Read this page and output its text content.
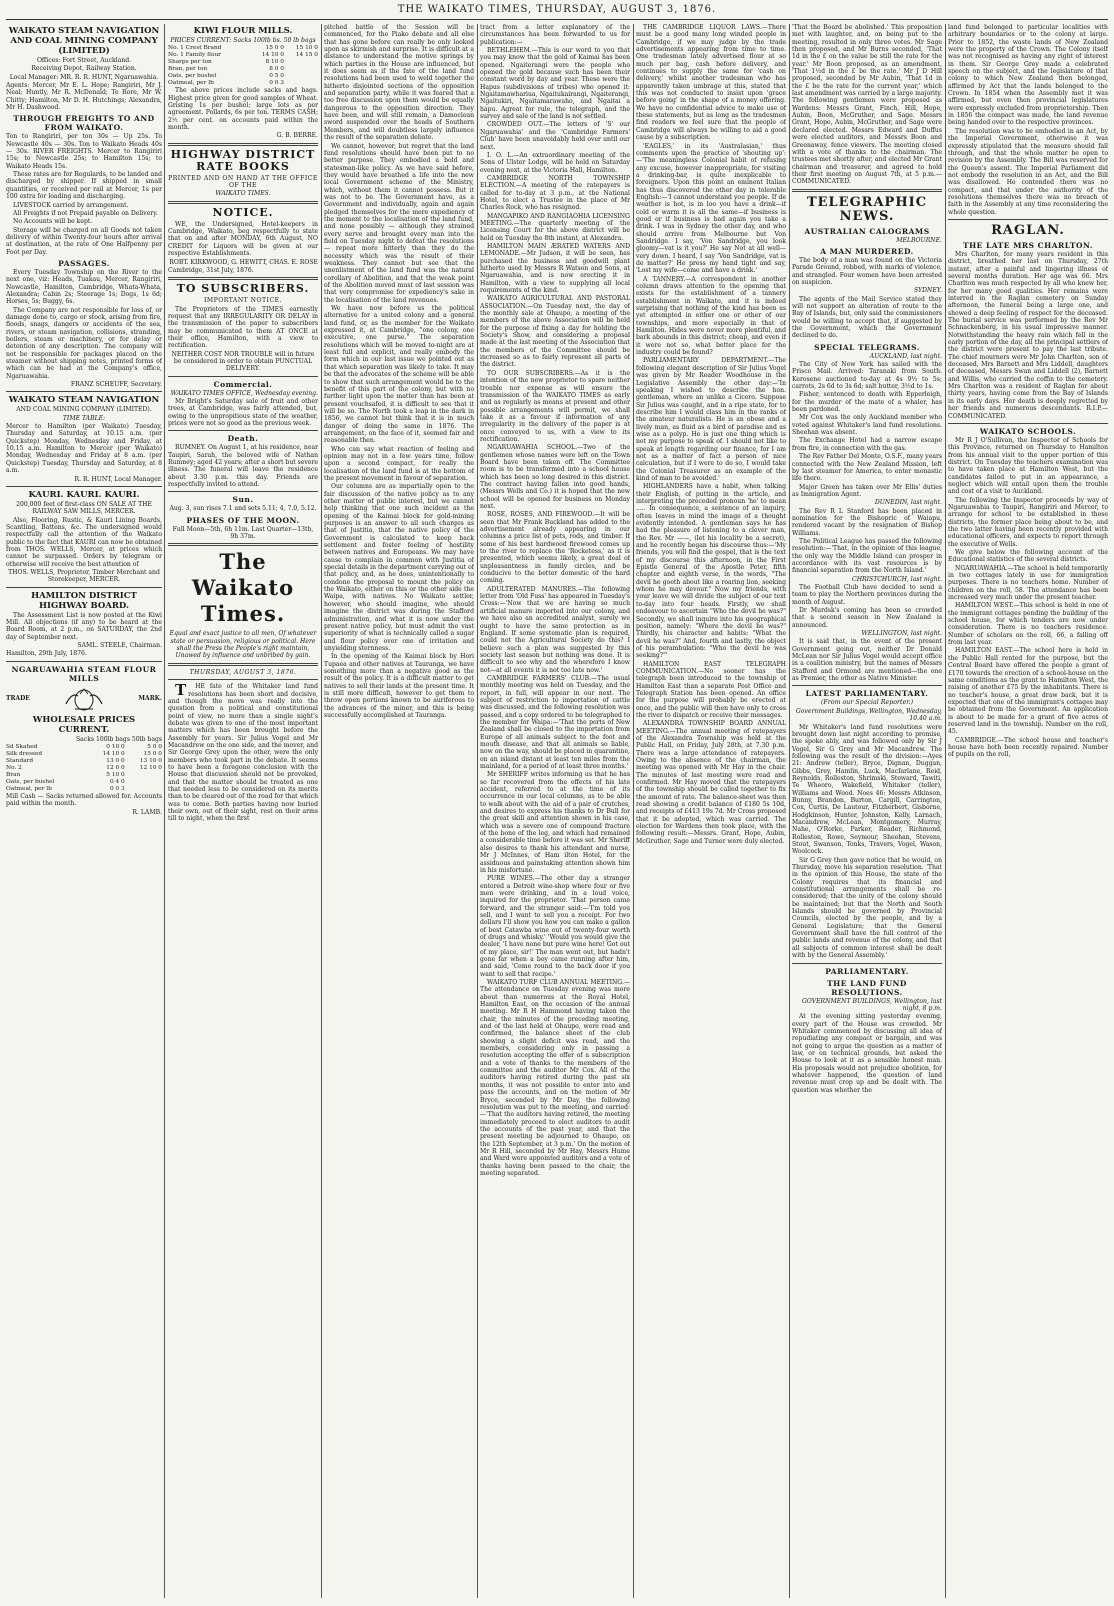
THE WAIKATO TIMES, THURSDAY, AUGUST 3, 1876.

WAIKATO STEAM NAVIGATION AND COAL MINING COMPANY (LIMITED)

Offices: Fort Street, Auckland.

Receiving Depot, Railway Station.

Local Manager: MR. R. R. HUNT, Ngaruawahia.

Agents: Mercer, Mr E. L. Hope; Rangiriri, Mr J. Neal; Huntly, Mr R. McDonald; Te Rore, Mr W. Chitty; Hamilton, Mr D. H. Hutchings; Alexandra, Mr H. Dashwood.

THROUGH FREIGHTS TO AND FROM WAIKATO.

Ton to Rangiriri, per ton 30s — Up 25s. To Newcastle 40s — 30s. Ton to Waikato Heads 40s — 30s. RIVER FREIGHTS. Mercer to Rangiriri 15s; to Newcastle 25s; to Hamilton 15s; to Waikato Heads 15s.

These rates are for Regulards, to be landed and discharged by shipper. If shipped in small quantities, or received per rail at Mercer, 1s per 100 extra for loading and discharging.

LIVESTOCK carried by arrangement.

All Freights if not Prepaid payable on Delivery.

No Accounts will be kept.

Storage will be charged on all Goods not taken delivery of within Twenty-four hours after arrival at destination, at the rate of One Halfpenny per Foot per Day.

PASSAGES.

Every Tuesday Township on the River to the next one, viz: Heads, Tuakau, Mercer, Rangiriri, Newcastle, Hamilton, Cambridge, Whata-Whata, Alexandra; Cabin 2s; Steerage 1s; Dogs, 1s 6d; Horses, 5s; Buggy, 6s.

The Company are not responsible for loss of, or damage done to, cargo or stock, arising from fire, floods, snags, dangers or accidents of the sea, rivers, or steam navigation, collisions, stranding, boilers, steam or machinery, or for delay or detention of any description. The company will not be responsible for packages placed on the steamer without shipping notes, printed forms of which can be had at the Company's office, Ngaruawahia.

FRANZ SCHEUFF, Secretary.

WAIKATO STEAM NAVIGATION

AND COAL MINING COMPANY (LIMITED).

TIME TABLE:

Mercer to Hamilton (per Waikato) Tuesday, Thursday and Saturday, at 10.15 a.m. (per Quickstep) Monday, Wednesday and Friday, at 10.15 a.m. Hamilton to Mercer (per Waikato) Monday, Wednesday and Friday at 8 a.m. (per Quickstep) Tuesday, Thursday and Saturday, at 8 a.m.

R. R. HUNT, Local Manager.

KAURI. KAURI. KAURI.

200,000 feet of first-class ON SALE AT THE RAILWAY SAW MILLS, MERCER.

Also, Flooring, Rustic, & Kauri Lining Boards, Scantling, Battens, &c. The undersigned would respectfully call the attention of the Waikato public to the fact that KAURI can now be obtained from THOS. WELLS, Mercer, at prices which cannot be surpassed. Orders by telegram or otherwise will receive the best attention of

THOS. WELLS, Proprietor, Timber Merchant and Storekeeper, MERCER.

HAMILTON DISTRICT HIGHWAY BOARD.

The Assessment List is now posted at the Kiwi Mill. All objections (if any) to be heard at the Board Room, at 2 p.m., on SATURDAY, the 2nd day of September next.

SAML. STEELE, Chairman.

Hamilton, 29th July, 1876.

NGARUAWAHIA STEAM FLOUR MILLS

TRADE	MARK.

WHOLESALE PRICES CURRENT.

Sacks 100lb bags 50lb bags

Sd Skahed	0 10 0	5 0 0
Silk dressed	14 10 0	15 0 0
Standard	13 0 0	13 10 0
No. 2	12 0 0	12 10 0
Bran	5 10 0	
Oats, per bushel	0 4 0	
Oatmeal, per lb	0 0 3	

Mill Cash — Sacks returned allowed for. Accounts paid within the month.

R. LAMB.

KIWI FLOUR MILLS.

PRICES CURRENT: Sacks 100lb bs. 50 lb bags

No. 1 Crest Brand	15 0 0	15 10 0
No. 1 Family flour	14 10 0	14 15 0
Sharps per ton	8 10 0	
Bran, per ton	8 0 0	
Oats, per bushel	0 5 0	
Oatmeal, per lb	0 0 3	

The above prices include sacks and bags. Highest price given for good samples of Wheat. Gristing 1s per bushel; large lots as per agreement. Pollards, 6s per ton. TERMS CASH; 2½ per cent. on accounts paid within the month.

G. B. BERRE.

HIGHWAY DISTRICT RATE BOOKS

PRINTED AND ON HAND AT THE OFFICE OF THE

WAIKATO TIMES.

NOTICE.

WE, the Undersigned, Hotel-keepers in Cambridge, Waikato, beg respectfully to state that on and after MONDAY, 6th August, NO CREDIT for Liquors will be given at our respective Establishments.

ROBT. KIRKWOOD, G. HEWITT, CHAS. E. ROSE

Cambridge, 31st July, 1876.

TO SUBSCRIBERS.

IMPORTANT NOTICE.

The Proprietors of the TIMES earnestly request that any IRREGULARITY OR DELAY in the transmission of the paper to subscribers may be communicated to them AT ONCE at their office, Hamilton, with a view to rectification.

NEITHER COST NOR TROUBLE will in future be considered in order to obtain PUNCTUAL DELIVERY.

Commercial.

WAIKATO TIMES OFFICE, Wednesday evening.

Mr Bright's Saturday sale of fruit and other trees, at Cambridge, was fairly attended, but, owing to the unpropitious state of the weather, prices were not so good as the previous week.

Death.

RUMNEY. On August 1, at his residence, near Taupiri, Sarah, the beloved wife of Nathan Rumney; aged 42 years; after a short but severe illness. The funeral will leave the residence about 3.30 p.m. this day. Friends are respectfully invited to attend.

Sun.

Aug. 3, sun rises 7.1 and sets 5.11; 4, 7.0, 5.12.

PHASES OF THE MOON.

Full Moon—5th, 6h 11m. Last Quarter—13th, 9h 37m.

The Waikato Times.

Equal and exact justice to all men, Of whatever state or persuasion, religious or political. Here shall the Press the People's right maintain, Unawed by influence and unbribed by gain.

THURSDAY, AUGUST 3, 1876.

THE fate of the Whitaker land fund resolutions has been short and decisive, and though the move was really into the question from a political and constitutional point of view, no more than a single night's debate was given to one of the most important matters which has been brought before the Assembly for years. Sir Julius Vogel and Mr Macandrew on the one side, and the mover, and Sir George Grey upon the other, were the only members who took part in the debate. It seems to have been a foregone conclusion with the House that discussion should not be provoked, and that the matter should be treated as one that needed less to be considered on its merits than to be cleared out of the road for that which was to come. Both parties having now buried their own, out of their sight, rest on their arms till to night, when the first

pitched battle of the Session will be commenced, for the Piako debate and all else that has gone before can really be only looked upon as skirmish and surprise. It is difficult at a distance to understand the motive springs by which parties in the House are influenced, but it does seem as if the fate of the land fund resolutions had been used to weld together the hitherto disjointed sections of the opposition and separation party, while it was feared that a too free discussion upon them would be equally dangerous to the opposition direction. They have been, and will still remain, a Damoclean sword suspended over the heads of Southern Members, and will doubtless largely influence the result of the separation debate.

We cannot, however, but regret that the land fund resolutions should have been put to no better purpose. They embodied a bold and statesman-like policy. As we have said before, they would have breathed a life into the new local Government scheme of the Ministry, which, without them it cannot possess. But it was not to be. The Government have, as a Government and individually, again and again pledged themselves for the mere expediency of the moment to the localisation of the land fund, and none possibly — although they strained every nerve and brought every man into the field on Tuesday night to defeat the resolutions — repeat more bitterly than they do the necessity which was the result of their weakness. They cannot but see that the unenlistment of the land fund was the natural corollary of Abolition, and that the weak point of the Abolition moved must of last session was that very compromise for expediency's sake in the localisation of the land revenues.

We have now before us the political alternative for a united colony and a general land fund, or, as the member for the Waikato expressed it, at Cambridge, "one colony, one executive, one purse." The separation resolutions which will be moved to-night are at least full and explicit, and really embody the form which in our last issue we pointed out as that which separation was likely to take. It may be that the advocates of the scheme will be able to show that such arrangement would be to the benefit of this part of the colony, but with no further light upon the matter than has been at present vouchsafed, it is difficult to see that it will be so. The North took a leap in the dark in 1856, we cannot but think that it is in much danger of doing the same in 1876. The arrangement, on the face of it, seemed fair and reasonable then.

Who can say what reaction of feeling and opinion may not in a few years time, follow upon a second compact, for really the localisation of the land fund is at the bottom of the present movement in favour of separation.

Our columns are as impartially open to the fair discussion of the native policy as to any other matter of public interest, but we cannot help thinking that one such incident as the opening of the Kaimai block for gold-mining purposes is an answer to all such charges as that of Justitia, that the native policy of the Government is calculated to keep back settlement and foster feeling of hostility between natives and Europeans. We may have cause to complain in common with Justitia of special details in the department carrying out of that policy, and, as he does, unintentionally to condone the proposal to mount the policy on the Waikato, either on this or the other side the Waipa, with natives. No Waikato settler, however, who should imagine, who should imagine the district was during the Stafford administration, and what it is now under the present native policy, but must admit the vast superiority of what is technically called a sugar and flour policy over one of irritation and unyielding sternness.

In the opening of the Kaimai block by Hori Tupaea and other natives at Tauranga, we have something more than a negative good as the result of the policy. It is a difficult matter to get natives to sell their lands at the present time. It is still more difficult, however to get them to throw open portions known to be auriferous to the advances of the miner, and this is being successfully accomplished at Tauranga.

tract from a letter explanatory of the circumstances has been forwarded to us for publication:—

BETHLEHEM.—This is our word to you that you may know that the gold of Kaimai has been opened. Ngaiterangi were the people who opened the gold because such has been their constant word by day and year. These were the Hapus (subdivisions of tribes) who opened it: Ngaitamawhariua, Ngaitukairangi, Ngaiterangi, Ngaitukiri, Ngaitamarawaho, and Ngaitai a hapu. Agreat for rule, the telegraph, and the survey and sale of the land is not settled.

CROWDED OUT.—The letters of 'S' our Ngaruawahia' and the 'Cambridge Farmers' Club' have been unavoidably held over until our next.

I. O. L.—An extraordinary meeting of the Sons of Ulster Lodge, will be held on Saturday evening next, at the Victoria Hall, Hamilton.

CAMBRIDGE NORTH TOWNSHIP ELECTION.—A meeting of the ratepayers is called for to-day at 3 p.m., at the National Hotel, to elect a Trustee in the place of Mr Charles Rock, who has resigned.

MANGAPIKO AND RANGIAOHIA LICENSING MEETING.—The quarterly meeting of the Licensing Court for the above district will be held on Tuesday the 8th instant, at Alexandra.

HAMILTON MAIN ÆRATED WATERS AND LEMONADE.—Mr Judson, it will be seen, has purchased the business and goodwill plant hitherto used by Messrs R Watson and Sons, at Ngaruawahia, and is now erecting it in Hamilton, with a view to supplying all local requirements of the kind.

WAIKATO AGRICULTURAL AND PASTORAL ASSOCIATION.—On Tuesday next, the day of the monthly sale at Ohaupo, a meeting of the members of the above Association will be held for the purpose of fixing a day for holding the Society's Show, and considering a proposal made at the last meeting of the Association that the members of the Committee should be increased so as to fairly represent all parts of the district.

TO OUR SUBSCRIBERS.—As it is the intention of the new proprietor to spare neither trouble nor expense as will ensure the transmission of the WAIKATO TIMES as early and as regularly as means at present and other possible arrangements will permit, we shall take it as a favour if information of any irregularity in the delivery of the paper is at once conveyed to us, with a view to its rectification.

NGARUAWAHIA SCHOOL.—Two of the gentlemen whose names were left on the Town Board have been taken off. The Committee room is to be transformed into a school house which has been so long desired in this district. The contract having fallen into good hands, (Messrs Wells and Co.) it is hoped that the new school will be opened for business on Monday next.

ROSE, ROSES, AND FIREWOOD.—It will be seen that Mr Frank Buckland has added to the advertisement already appearing in our columns a price list of pets, rods, and timber. If some of his best hardwood firewood comes up to the river to replace the 'Rocketess,' as it is presented, which seems likely, a great deal of unpleasantness in family circles, and be conducive to the better domestic of the hard coming.

ADULTERATED MANURES.—The following letter from 'Old Fuss' has appeared in Tuesday's Cross:—'Now that we are having so much artificial manure imported into our colony, and we have also an accredited analyst, surely we ought to have the same protection as in England. If some systematic plan is required, could not the Agricultural Society do this? I believe such a plan was suggested by this society last season but nothing was done. It is difficult to see why and the wherefore I know not—at all events it is not too late now.'

CAMBRIDGE FARMERS' CLUB.—The usual monthly meeting was held on Tuesday, and the report, in full, will appear in our next. The subject of restriction to importation of cattle was discussed, and the following resolution was passed, and a copy ordered to be telegraphed to the member for Waipa:—'That the ports of New Zealand shall be closed to the importation from Europe of all animals subject to the foot and mouth disease, and that all animals so liable, now on the way, should be placed in quarantine, on an island distant at least ten miles from the mainland, for a period of at least three months.'

Mr SHERIFF writes informing us that he has so far recovered from the effects of his late accident, referred to at the time of its occurrence in our local columns, as to be able to walk about with the aid of a pair of crutches, and desires to express his thanks to Dr Bull for the great skill and attention shown in his case, which was a severe one of compound fracture of the bone of the leg, and which had remained a considerable time before it was set. Mr Sheriff also desires to thank his attendant and nurse, Mr J McInnes, of Ham ilton Hotel, for the assiduous and painstaking attention shown him in his misfortune.

PURE WINES.—The other day a stranger entered a Detroit wine-shop where four or five men were drinking, and in a loud voice, inquired for the proprietor. 'That person came forward, and the stranger said:—'I'm told you sell, and I want to sell you a receipt. For two dollars I'll show you how you can make a gallon of best Catawba wine out of twenty-four worth of drugs and whisky.' 'Would you would give the dealer, 'I have none but pure wine here! Got out of my place, sir!' The man went out, but hadn't gone far when a boy came running after him, and said, 'Come round to the back door if you want to sell that recipe.'

WAIKATO TURF CLUB ANNUAL MEETING.—The attendance on Tuesday evening was more about than numerous at the Royal Hotel, Hamilton East, on the occasion of the annual meeting. Mr R H Hammond having taken the chair, the minutes of the preceding meeting, and of the last held at Ohaupo, were read and confirmed, the balance sheet of the club showing a slight deficit was read, and the members, considering only in passing a resolution accepting the offer of a subscription and a vote of thanks to the members of the committee and the auditor Mr Cox. All of the auditors having retired during the past six months, it was not possible to enter into and pass the accounts, and on the motion of Mr Bryce, seconded by Mr Day, the following resolution was put to the meeting, and carried:—'That the auditors having retired, the meeting immediately proceed to elect auditors to audit the accounts of the past year, and that the present meeting be adjourned to Ohaupo, on the 12th September, at 3 p.m.' On the motion of Mr R Hill, seconded by Mr Hay, Messrs Hume and Ward were appointed auditors and a vote of thanks having been passed to the chair, the meeting separated.

THE CAMBRIDGE LIQUOR LAWS.—There must be a good many long winded people in Cambridge, if we may judge by the trade advertisements appearing from time to time. One tradesman lately advertised flour at so much per bag, cash before delivery, and continues to supply the same for 'cash on delivery,' whilst another tradesman who has apparently taken umbrage at this, stated that this was not conducted to insist upon 'grace before going' in the shape of a money offering. We have no confidential advice to make use of these statements, but as long as the tradesmen find readers we feel sure that the people of Cambridge will always be willing to aid a good cause by a subscription.

'EAGLES,' in its 'Australasian,' thus comments upon the practice of 'shouting up':—'The meaningless Colonial habit of refusing any excuse, however inappropriate, for visiting a drinking-bar, is quite inexplicable to foreigners. Upon this point an eminent Italian has thus discovered the other day in tolerable English:—'I cannot understand you people. If de weather is hot, is in loo you have a drink—if cold or warm it is all the same—if business is good or if business is bad again you take a drink. I was in Sydney the other day, and who should arrive from Melbourne but Von Sandridge. I say, 'Von Sandridge, you look gloomy—vat is it you?' He say Not at all well—very down. I heard, I say 'Von Sandridge, vat is de matter?' He press my hand tight and say, 'Lost my wife—come and have a drink.'

A TANNERY.—A correspondent in another column draws attention to the opening that exists for the establishment of a tannery establishment in Waikato, and it is indeed surprising that nothing of the kind has been as yet attempted in either one or other of our townships, and more especially in that of Hamilton. Hides were never more plentiful, and bark abounds in this district; cheap, and even if it were not so, what better place for the industry could be found?

PARLIAMENTARY DEPARTMENT.—The following elegant description of Sir Julius Vogel was given by Mr Reader Woodhouse in the Legislative Assembly the other day:—'In speaking I wished to describe the hon. gentleman, where an unlike a Cicero. Suppose Sir Julius was caught, and in a ripe state, for to describe him I would class him in the ranks of the amateur naturalists. He is an obese and a lively man, as fluid as a bird of paradise and as wise as a polyp. He is just one thing which is not my purpose to speak of. I should not like to speak at length regarding our finance, for I am not as a matter of fact a person of nice calculation, but if I were to do so, I would take the Colonial Treasurer as an example of the kind of man to be avoided.'

HIGHLANDERS have a habit, when talking their English, of putting in the article, and interpreting the preceded pronoun 'he' to mean ..... In consequence, a sentence of an inquiry, often leaves in mind the image of a thought evidently intended. A gentleman says he has had the pleasure of listening to a clever man, the Rev. Mr ——, (let his locality be a secret), and he recently began his discourse thus:—'My friends, you will find the gospel, that is the text of my discourse this afternoon, in the First Epistle General of the Apostle Peter, fifth chapter and eighth verse, in the words, "The devil he goeth about like a roaring lion, seeking whom he may devour." Now my friends, with your leave we will divide the subject of our text to-day into four heads. Firstly, we shall endeavour to ascertain "Who the devil he was?" Secondly, we shall inquire into his geographical position, namely: "Where the devil he was?" Thirdly, his character and habits: "What the devil he was?" And, fourth and lastly, the object of his perambulation: "Who the devil he was seeking?"'

HAMILTON EAST TELEGRAPH COMMUNICATION.—No sooner has the telegraph been introduced to the township of Hamilton East than a separate Post Office and Telegraph Station has been opened. An office for the purpose will probably be erected at once, and the public will then have only to cross the river to dispatch or receive their messages.

ALEXANDRA TOWNSHIP BOARD ANNUAL MEETING.—The annual meeting of ratepayers of the Alexandra Township was held at the Public Hall, on Friday, July 28th, at 7.30 p.m. There was a large attendance of ratepayers. Owing to the absence of the chairman, the meeting was opened with Mr Hay in the chair. The minutes of last meeting were read and confirmed. Mr Hay moved that the ratepayers of the township should be called together to fix the amount of rate. The balance-sheet was then read showing a credit balance of £180 5s 10d, and receipts of £413 19s 7d. Mr Cross proposed that it be adopted, which was carried. The election for Wardens then took place, with the following result:—Messrs. Grant, Hope, Aubin, McGruther, Sage and Turner were duly elected.

'That the Board be abolished.' This proposition met with laughter, and, on being put to the meeting, resulted in only three votes. Mr Sage then proposed, and Mr Burns seconded, 'That 1d in the £ on the value be still the rate for the year.' Mr Boon proposed, as an amendment, 'That 1½d in the £ be the rate.' Mr J D Hill proposed, seconded by Mr Aubin, 'That 1d in the £ be the rate for the current year,' which last amendment was carried by a large majority. The following gentlemen were proposed as Wardens: Messrs Grant, Finch, Hill, Hope, Aubin, Boon, McGruther, and Sage. Messrs Grant, Hope, Aubin, McGruther, and Sage were declared elected. Messrs Edward and Duffus were elected auditors, and Messrs Boon and Greenaway, fence viewers. The meeting closed with a vote of thanks to the chairman. The trustees met shortly after, and elected Mr Grant chairman and treasurer, and agreed to hold their first meeting on August 7th, at 5 p.m.—COMMUNICATED.

TELEGRAPHIC NEWS.

AUSTRALIAN CALOGRAMS

MELBOURNE.

A MAN MURDERED.

The body of a man was found on the Victoria Parade Ground, robbed, with marks of violence, and strangled. Four women have been arrested on suspicion.

SYDNEY.

The agents of the Mail Service stated they will not support an alteration of route to the Bay of Islands, but, only said the commissioners would be willing to accept that, if suggested by the Government, which the Government declined to do.

SPECIAL TELEGRAMS.

AUCKLAND, last night.

The City of New York has sailed with the Frisco Mail. Arrived: Taranaki from South. Kerosene auctioned to-day at 4s 9½ to 5s; carrots, 2s 6d to 3s 6d; salt butter, 3½d to 1s.

Fisher, sentenced to death with Epperleigh, for the murder of the mate of a whaler, has been pardoned.

Mr Cox was the only Auckland member who voted against Whitaker's land fund resolutions. Sheehan was absent.

The Exchange Hotel had a narrow escape from fire, in connection with the gas.

The Rev Father Del Monte, O.S.F., many years connected with the New Zealand Mission, left by last steamer for America, to enter monastic life there.

Major Green has taken over Mr Ellis' duties as Immigration Agent.

DUNEDIN, last night.

The Rev R L Stanford has been placed in nomination for the Bishopric of Waiapu, rendered vacant by the resignation of Bishop Williams.

The Political League has passed the following resolution:—'That, in the opinion of this league, the only way the Middle Island can prosper in accordance with its vast resources is by financial separation from the North Island.'

CHRISTCHURCH, last night.

The Football Club have decided to send a team to play the Northern provinces during the month of August.

Dr Murdsk's coming has been so crowded that a second season in New Zealand is announced.

WELLINGTON, last night.

It is said that, in the event of the present Government going out, neither Dr Donald McLean nor Sir Julius Vogel would accept office in a coalition ministry, but the names of Messrs Stafford and Ormond are mentioned—the one as Premier, the other as Native Minister.

LATEST PARLIAMENTARY.

(From our Special Reporter.)

Government Buildings, Wellington, Wednesday, 10.40 a.m.

Mr Whitaker's land fund resolutions were brought down last night according to promise, the spoke ably, and was followed only by Sir J Vogel, Sir G Grey and Mr Macandrew. The following was the result of the division:—Ayes 21: Andrew (teller), Bryce, Dignan, Duggan, Gibbs, Grey, Hamlin, Luck, Macfarlane, Reid, Reynolds, Rolleston, Shrimski, Steward, Tawiti, Te Wheoro, Wakefield, Whitaker (teller), Williams and Wood. Noes 46: Messrs Atkinson, Bunny, Brandon, Burton, Cargill, Carrington, Cox, Curtis, De Lautour, Fitzherbert, Gisborne, Hodgkinson, Hunter, Johnston, Kelly, Larnach, Macandrew, McLean, Montgomery, Murray, Nahe, O'Rorke, Parker, Reader, Richmond, Rolleston, Rowe, Seymour, Sheehan, Stevens, Stout, Swanson, Tonks, Travers, Vogel, Wason, Woolcock.

Sir G Grey then gave notice that he would, on Thursday, move his separation resolution. 'That in the opinion of this House, the state of the Colony requires that its financial and constitutional arrangements shall be re-considered; that the unity of the colony should be maintained; but that the North and South Islands should be governed by Provincial Councils, elected by the people, and by a General Legislature; that the General Government shall have the full control of the public lands and revenue of the colony, and that all subjects of common interest shall be dealt with by the General Assembly.'

PARLIAMENTARY.

THE LAND FUND RESOLUTIONS.

GOVERNMENT BUILDINGS, Wellington, last night, 8 p.m.

At the evening sitting yesterday evening, every part of the House was crowded. Mr Whitaker commenced by discussing all idea of repudiating any compact or bargain, and was not going to argue the question as a matter of law, or on technical grounds, but asked the House to look at it as a sensible honest man. His proposals would not prejudice abolition, for whatever happened, the question of land revenue must crop up and be dealt with. The question was whether the

land fund belonged to particular localities with arbitrary boundaries or to the colony at large. Prior to 1852, the waste lands of New Zealand were the property of the Crown. The Colony itself was not recognised as having any right of interest in them. Sir George Grey made a celebrated speech on the subject, and the legislature of that colony to which New Zealand then belonged, affirmed by Act that the lands belonged to the Crown. In 1854 when the Assembly met it was affirmed, but even then provincial legislatures were expressly excluded from proprietorship. Then in 1856 the compact was made, the land revenue being handed over to the respective provinces.

The resolution was to be embodied in an Act, by the Imperial Government, otherwise it was expressly stipulated that the measure should fall through, and that the whole matter be open to revision by the Assembly. The Bill was reserved for the Queen's assent. The Imperial Parliament did not embody the resolution in an Act, and the Bill was disallowed. He contended there was no compact, and that under the authority of the resolutions themselves there was no breach of faith in the Assembly at any time reconsidering the whole question.

RAGLAN.

THE LATE MRS CHARLTON.

Mrs Charlton, for many years resident in this district, breathed her last on Thursday, 27th instant, after a painful and lingering illness of several months duration. Her age was 66. Mrs Charlton was much respected by all who knew her, for her many good qualities. Her remains were interred in the Raglan cemetery on Sunday afternoon, the funeral being a large one, and showed a deep feeling of respect for the deceased. The burial service was performed by the Rev Mr Schnackenberg, in his usual impressive manner. Notwithstanding the heavy rain which fell in the early portion of the day, all the principal settlers of the district were present to pay the last tribute. The chief mourners were Mr John Charlton, son of deceased, Mrs Barnett and Mrs Liddell, daughters of deceased, Messrs Swan and Liddell (2), Barnett and Willis, who carried the coffin to the cemetery. Mrs Charlton was a resident of Raglan for about thirty years, having come from the Bay of Islands in its early days. Her death is deeply regretted by her friends and numerous descendants. R.I.P.—COMMUNICATED.

WAIKATO SCHOOLS.

Mr R J O'Sullivan, the Inspector of Schools for this Province, returned on Thursday to Hamilton from his annual visit to the upper portion of this district. On Tuesday the teachers examination was to have taken place at Hamilton West, but the candidates failed to put in an appearance, a neglect which will entail upon them the trouble and cost of a visit to Auckland.

The following the Inspector proceeds by way of Ngaruawahia to Taupiri, Rangiriri and Mercer, to arrange for school to be established in those districts, the former place being about to be, and the two latter having been recently provided with educational officers, and expects to report through the executive of Wells.

We give below the following account of the Educational statistics of the several districts.

NGARUAWAHIA.—The school is held temporarily in two cottages lately in use for immigration purposes. There is no teachers home. Number of children on the roll, 58. The attendance has been increased very much under the present teacher.

HAMILTON WEST.—This school is held in one of the immigrant cottages pending the building of the school house, for which tenders are now under consideration. There is no teachers residence. Number of scholars on the roll, 66, a falling off from last year.

HAMILTON EAST.—The school here is held in the Public Hall rented for the purpose, but the Central Board have offered the people a grant of £170 towards the erection of a school-house on the same conditions as the grant to Hamilton West, the raising of another £75 by the inhabitants. There is no teacher's house, a great draw back, but it is expected that one of the immigrant's cottages may be obtained from the Government. An application is about to be made for a grant of five acres of reserved land in the township. Number on the roll, 45.

CAMBRIDGE.—The school house and teacher's house have both been recently repaired. Number of pupils on the roll,
